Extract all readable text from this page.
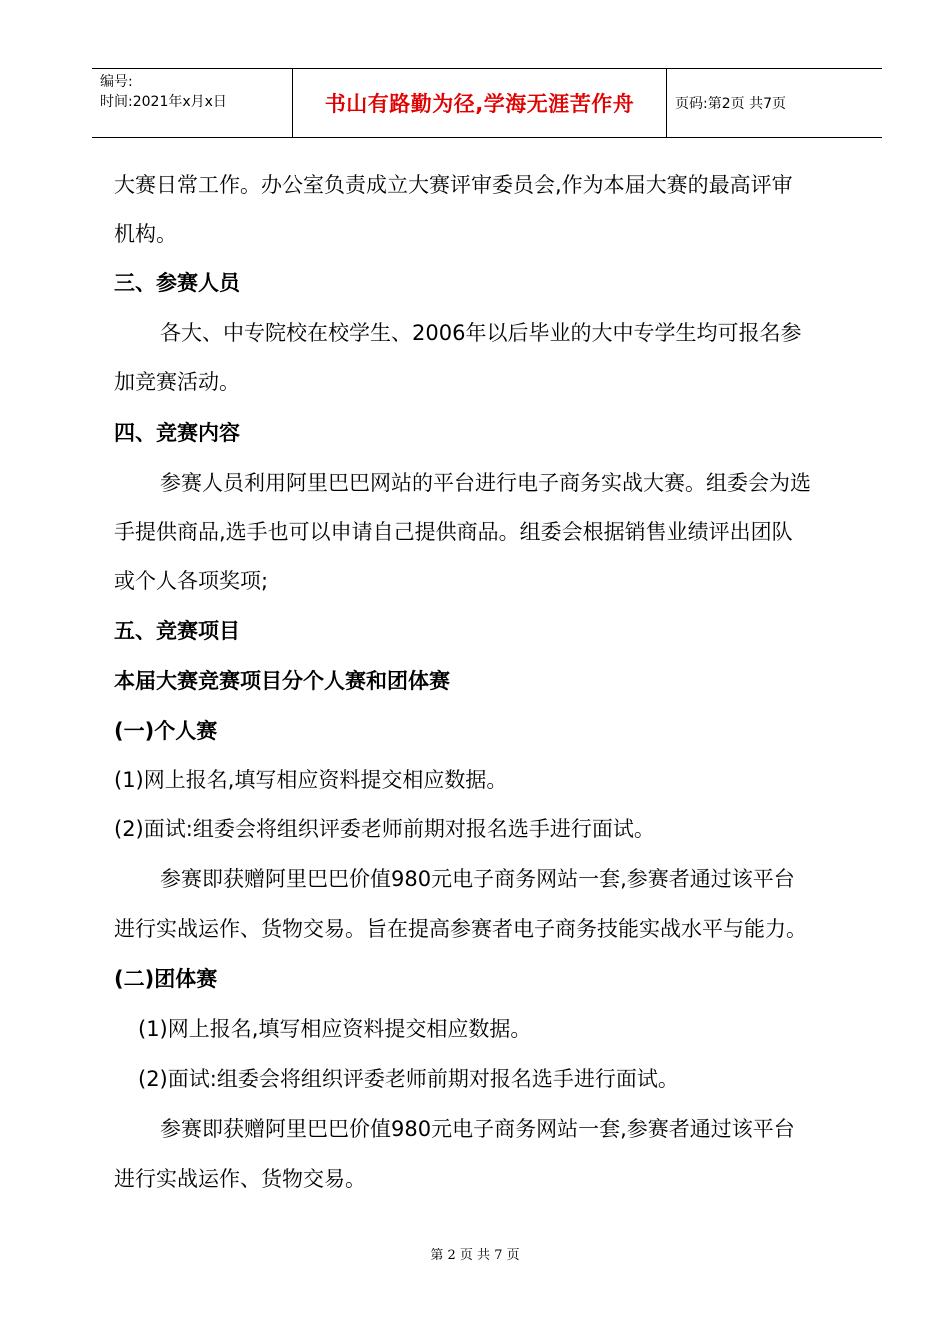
编号:
时间:2021年x月x日	书山有路勤为径,学海无涯苦作舟	页码:第2页 共7页
大赛日常工作。办公室负责成立大赛评审委员会,作为本届大赛的最高评审
机构。
三、参赛人员
各大、中专院校在校学生、2006年以后毕业的大中专学生均可报名参
加竞赛活动。
四、竞赛内容
参赛人员利用阿里巴巴网站的平台进行电子商务实战大赛。组委会为选
手提供商品,选手也可以申请自己提供商品。组委会根据销售业绩评出团队
或个人各项奖项;
五、竞赛项目
本届大赛竞赛项目分个人赛和团体赛
(一)个人赛
(1)网上报名,填写相应资料提交相应数据。
(2)面试:组委会将组织评委老师前期对报名选手进行面试。
参赛即获赠阿里巴巴价值980元电子商务网站一套,参赛者通过该平台
进行实战运作、货物交易。旨在提高参赛者电子商务技能实战水平与能力。
(二)团体赛
(1)网上报名,填写相应资料提交相应数据。
(2)面试:组委会将组织评委老师前期对报名选手进行面试。
参赛即获赠阿里巴巴价值980元电子商务网站一套,参赛者通过该平台
进行实战运作、货物交易。
第 2 页 共 7 页
